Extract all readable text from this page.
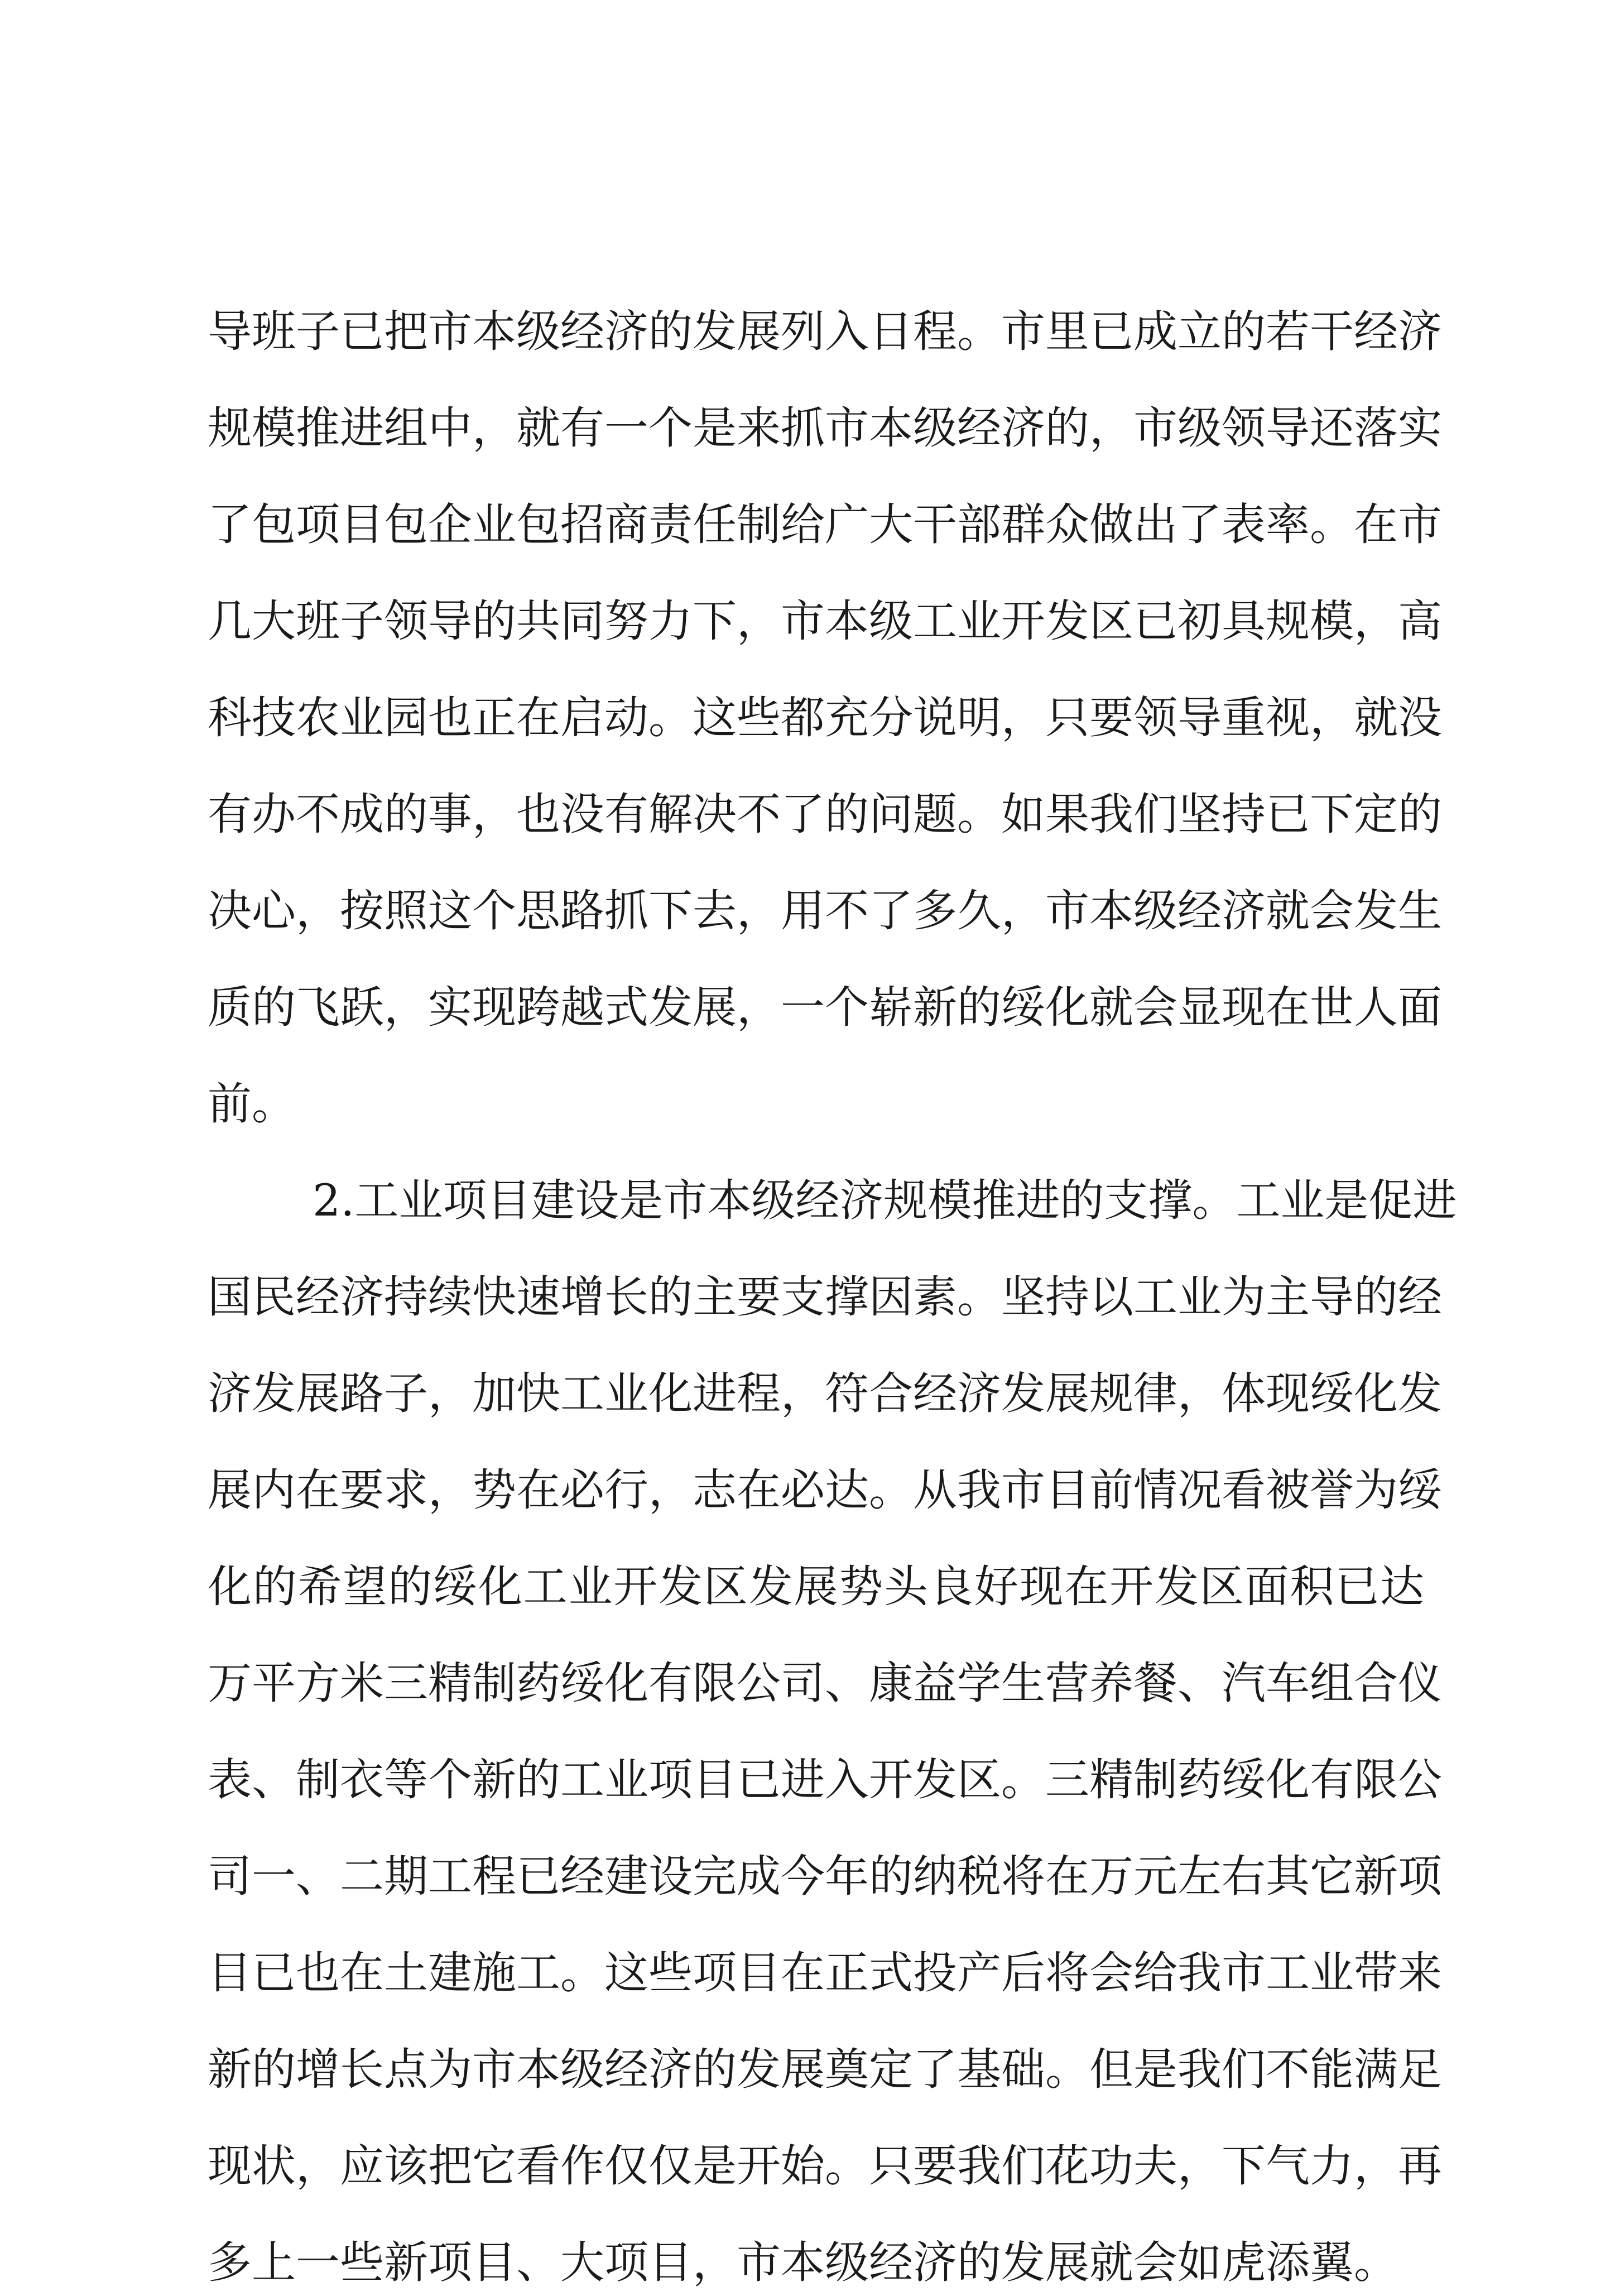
导班子已把市本级经济的发展列入日程。市里已成立的若干经济
规模推进组中，就有一个是来抓市本级经济的，市级领导还落实
了包项目包企业包招商责任制给广大干部群众做出了表率。在市
几大班子领导的共同努力下，市本级工业开发区已初具规模，高
科技农业园也正在启动。这些都充分说明，只要领导重视，就没
有办不成的事，也没有解决不了的问题。如果我们坚持已下定的
决心，按照这个思路抓下去，用不了多久，市本级经济就会发生
质的飞跃，实现跨越式发展，一个崭新的绥化就会显现在世人面
前。
2.工业项目建设是市本级经济规模推进的支撑。工业是促进
国民经济持续快速增长的主要支撑因素。坚持以工业为主导的经
济发展路子，加快工业化进程，符合经济发展规律，体现绥化发
展内在要求，势在必行，志在必达。从我市目前情况看被誉为绥
化的希望的绥化工业开发区发展势头良好现在开发区面积已达
万平方米三精制药绥化有限公司、康益学生营养餐、汽车组合仪
表、制衣等个新的工业项目已进入开发区。三精制药绥化有限公
司一、二期工程已经建设完成今年的纳税将在万元左右其它新项
目已也在土建施工。这些项目在正式投产后将会给我市工业带来
新的增长点为市本级经济的发展奠定了基础。但是我们不能满足
现状，应该把它看作仅仅是开始。只要我们花功夫，下气力，再
多上一些新项目、大项目，市本级经济的发展就会如虎添翼。
